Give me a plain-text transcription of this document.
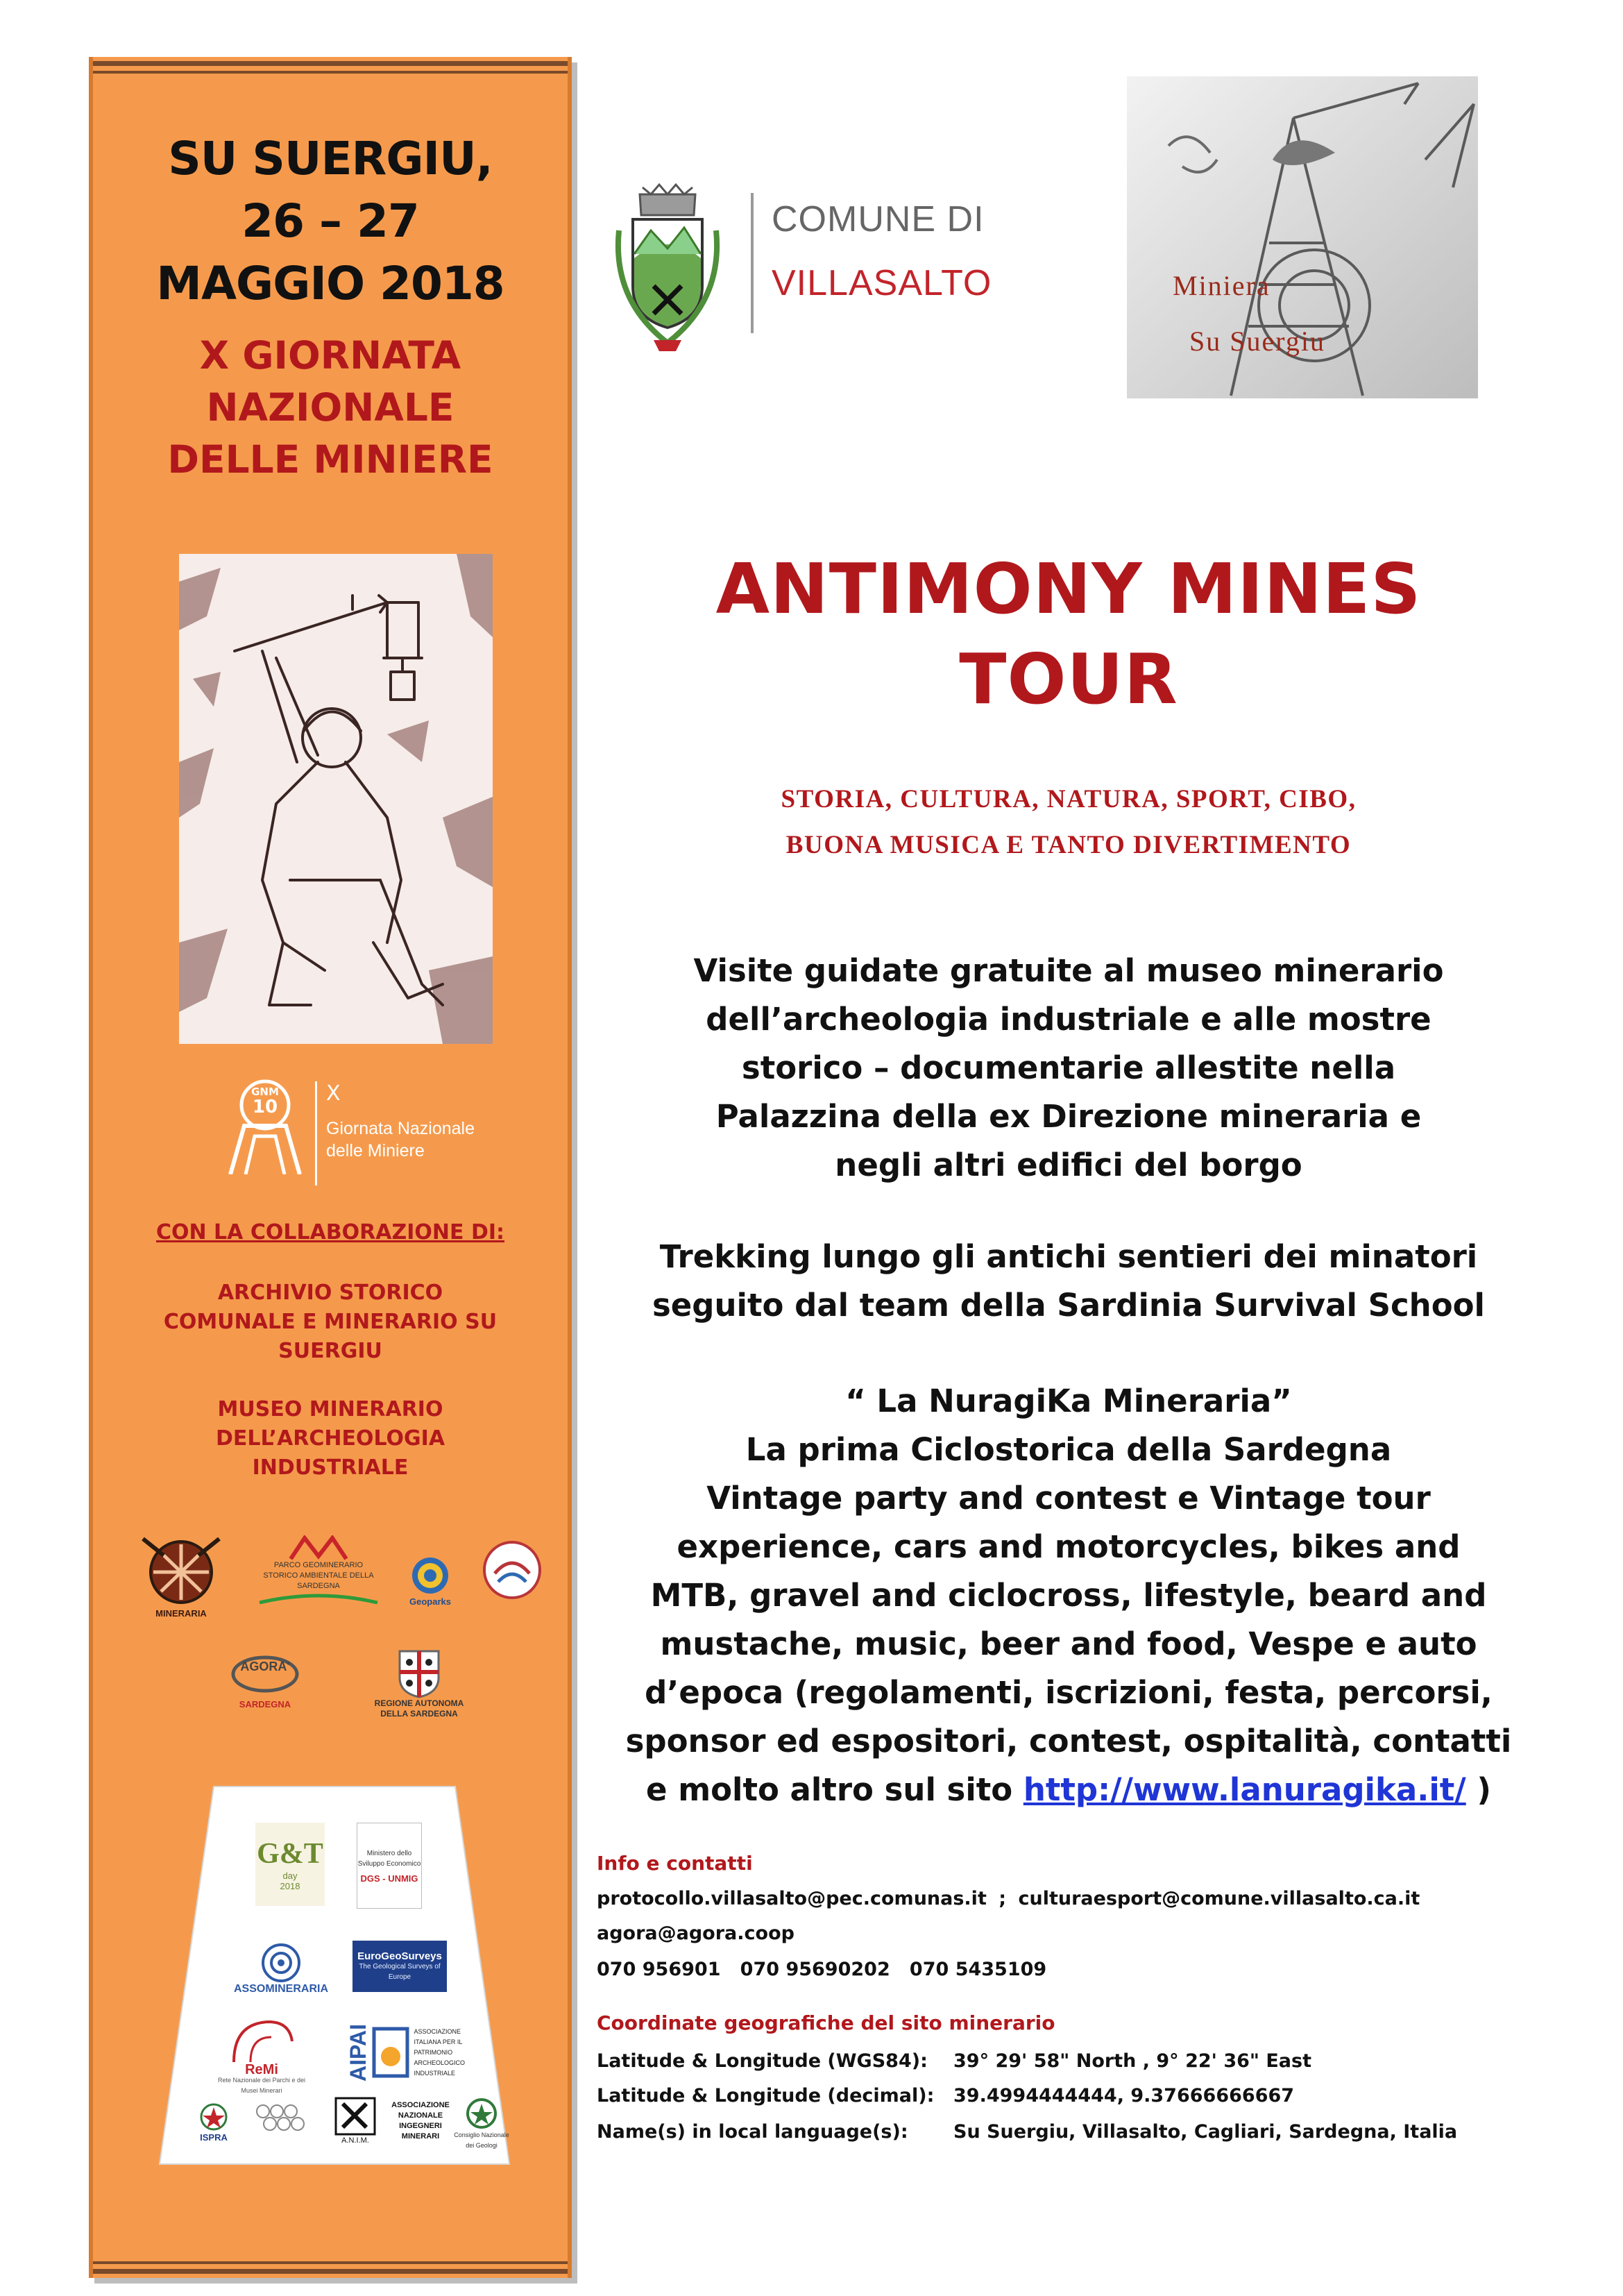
SU SUERGIU,
26 – 27
MAGGIO 2018
X GIORNATA
NAZIONALE
DELLE MINIERE
GNM
10
X
Giornata Nazionale
delle Miniere
CON LA COLLABORAZIONE DI:
ARCHIVIO STORICO
COMUNALE E MINERARIO SU
SUERGIU
MUSEO MINERARIO
DELL’ARCHEOLOGIA
INDUSTRIALE
MINERARIA
PARCO GEOMINERARIO STORICO AMBIENTALE DELLA SARDEGNA
Geoparks
AGORA'
SARDEGNA	REGIONE AUTONOMA DELLA SARDEGNA
G&T
day
2018
Ministero dello Sviluppo Economico
DGS - UNMIG
ASSOMINERARIA
EuroGeoSurveys
The Geological Surveys of Europe
ReMi
Rete Nazionale dei Parchi e dei Musei Minerari
AIPAI	ASSOCIAZIONE ITALIANA PER IL PATRIMONIO ARCHEOLOGICO INDUSTRIALE
ISPRA	A.N.I.M.
ASSOCIAZIONE NAZIONALE INGEGNERI MINERARI	Consiglio Nazionale dei Geologi
COMUNE DI
VILLASALTO	Miniera
Su Suergiu
ANTIMONY MINES
TOUR
STORIA, CULTURA, NATURA, SPORT, CIBO,
BUONA MUSICA E TANTO DIVERTIMENTO
Visite guidate gratuite al museo minerario
dell’archeologia industriale e alle mostre
storico – documentarie allestite nella
Palazzina della ex Direzione mineraria e
negli altri edifici del borgo
Trekking lungo gli antichi sentieri dei minatori
seguito dal team della Sardinia Survival School
“ La NuragiKa Mineraria”
La prima Ciclostorica della Sardegna
Vintage party and contest e Vintage tour
experience, cars and motorcycles, bikes and
MTB, gravel and ciclocross, lifestyle, beard and
mustache, music, beer and food, Vespe e auto
d’epoca (regolamenti, iscrizioni, festa, percorsi,
sponsor ed espositori, contest, ospitalità, contatti
e molto altro sul sito http://www.lanuragika.it/ )
Info e contatti
protocollo.villasalto@pec.comunas.it ; culturaesport@comune.villasalto.ca.it
agora@agora.coop
070 956901   070 95690202   070 5435109
Coordinate geografiche del sito minerario
Latitude & Longitude (WGS84): 39° 29' 58" North , 9° 22' 36" East
Latitude & Longitude (decimal): 39.4994444444, 9.37666666667
Name(s) in local language(s): Su Suergiu, Villasalto, Cagliari, Sardegna, Italia
